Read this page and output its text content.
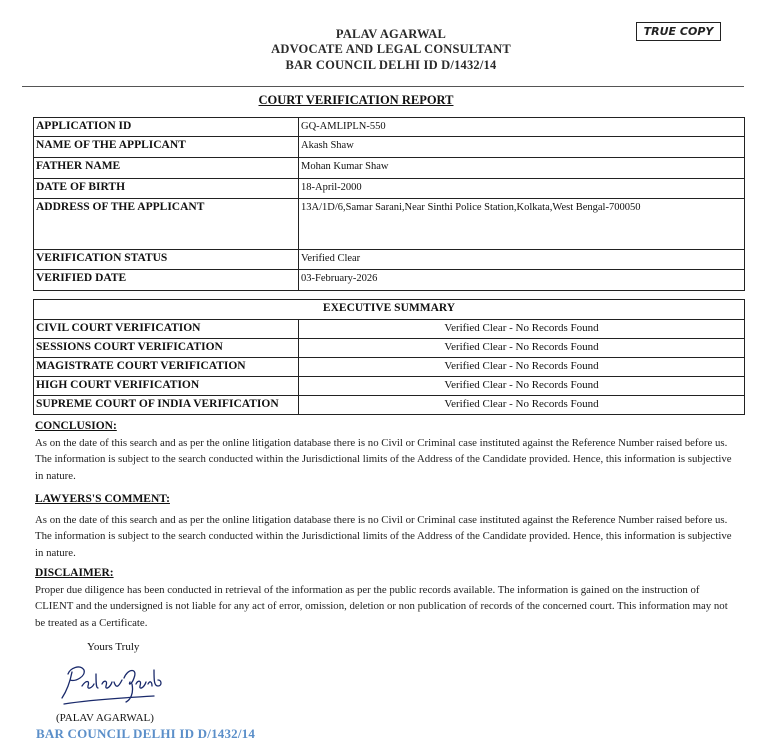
PALAV AGARWAL
ADVOCATE AND LEGAL CONSULTANT
BAR COUNCIL DELHI ID D/1432/14
TRUE COPY
COURT VERIFICATION REPORT
APPLICATION ID	GQ-AMLIPLN-550
NAME OF THE APPLICANT	Akash Shaw
FATHER NAME	Mohan Kumar Shaw
DATE OF BIRTH	18-April-2000
ADDRESS OF THE APPLICANT	13A/1D/6,Samar Sarani,Near Sinthi Police Station,Kolkata,West Bengal-700050
VERIFICATION STATUS	Verified Clear
VERIFIED DATE	03-February-2026
EXECUTIVE SUMMARY	
CIVIL COURT VERIFICATION	Verified Clear - No Records Found
SESSIONS COURT VERIFICATION	Verified Clear - No Records Found
MAGISTRATE COURT VERIFICATION	Verified Clear - No Records Found
HIGH COURT VERIFICATION	Verified Clear - No Records Found
SUPREME COURT OF INDIA VERIFICATION	Verified Clear - No Records Found
CONCLUSION:
As on the date of this search and as per the online litigation database there is no Civil or Criminal case instituted against the Reference Number raised before us. The information is subject to the search conducted within the Jurisdictional limits of the Address of the Candidate provided. Hence, this information is subjective in nature.
LAWYERS'S COMMENT:
As on the date of this search and as per the online litigation database there is no Civil or Criminal case instituted against the Reference Number raised before us. The information is subject to the search conducted within the Jurisdictional limits of the Address of the Candidate provided. Hence, this information is subjective in nature.
DISCLAIMER:
Proper due diligence has been conducted in retrieval of the information as per the public records available. The information is gained on the instruction of CLIENT and the undersigned is not liable for any act of error, omission, deletion or non publication of records of the concerned court. This information may not be treated as a Certificate.
Yours Truly
(PALAV AGARWAL)
BAR COUNCIL DELHI ID D/1432/14
